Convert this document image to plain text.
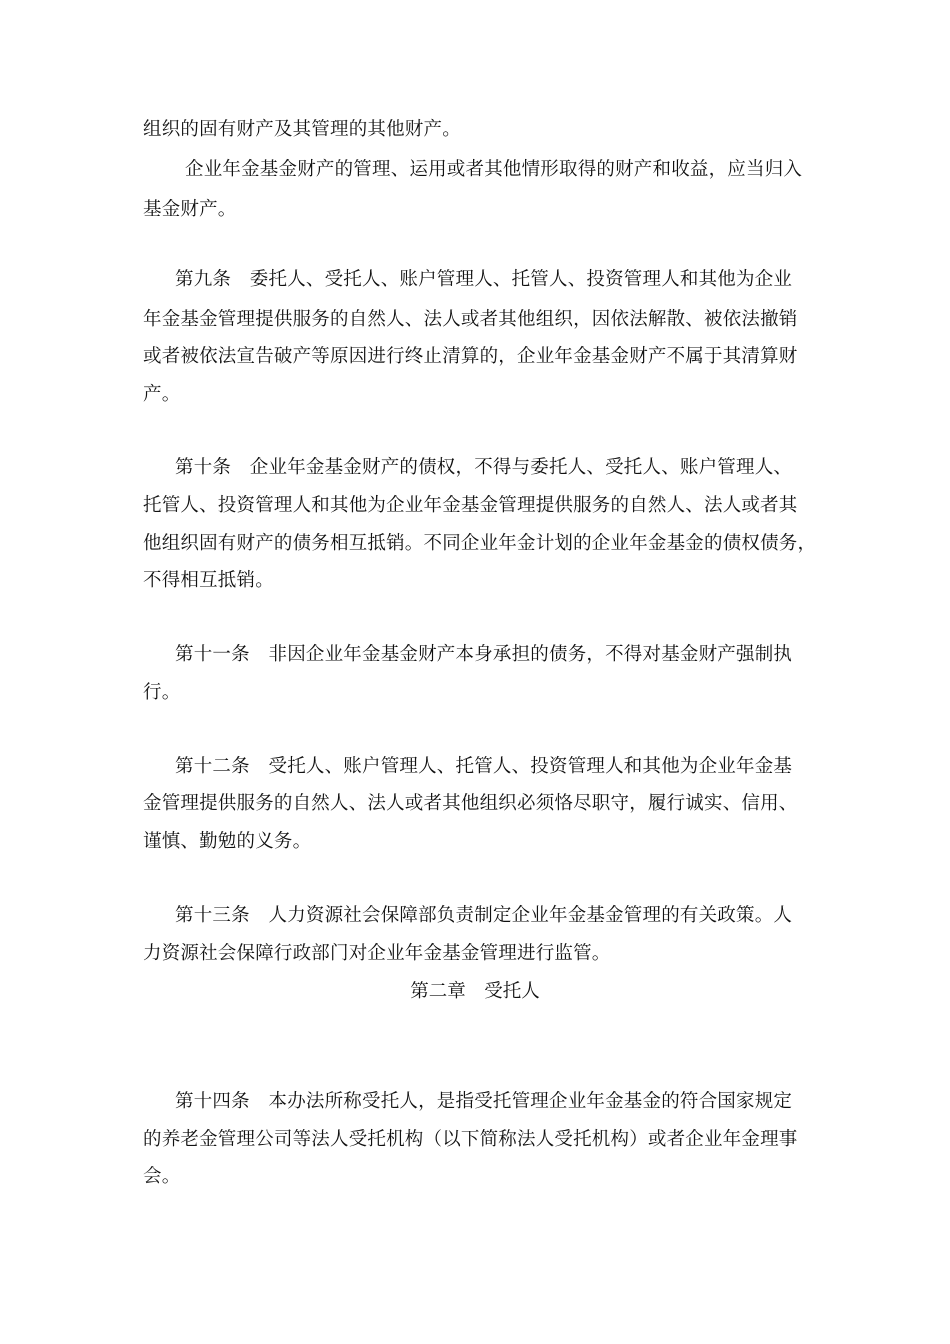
组织的固有财产及其管理的其他财产。
企业年金基金财产的管理、运用或者其他情形取得的财产和收益，应当归入
基金财产。
第九条　委托人、受托人、账户管理人、托管人、投资管理人和其他为企业
年金基金管理提供服务的自然人、法人或者其他组织，因依法解散、被依法撤销
或者被依法宣告破产等原因进行终止清算的，企业年金基金财产不属于其清算财
产。
第十条　企业年金基金财产的债权，不得与委托人、受托人、账户管理人、
托管人、投资管理人和其他为企业年金基金管理提供服务的自然人、法人或者其
他组织固有财产的债务相互抵销。不同企业年金计划的企业年金基金的债权债务，
不得相互抵销。
第十一条　非因企业年金基金财产本身承担的债务，不得对基金财产强制执
行。
第十二条　受托人、账户管理人、托管人、投资管理人和其他为企业年金基
金管理提供服务的自然人、法人或者其他组织必须恪尽职守，履行诚实、信用、
谨慎、勤勉的义务。
第十三条　人力资源社会保障部负责制定企业年金基金管理的有关政策。人
力资源社会保障行政部门对企业年金基金管理进行监管。
第二章　受托人
第十四条　本办法所称受托人，是指受托管理企业年金基金的符合国家规定
的养老金管理公司等法人受托机构（以下简称法人受托机构）或者企业年金理事
会。
